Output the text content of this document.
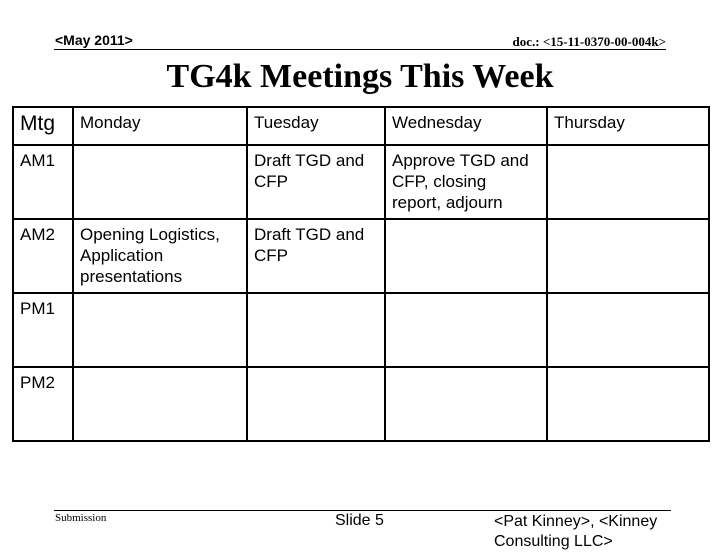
<May 2011>	doc.: <15-11-0370-00-004k>
TG4k Meetings This Week
Mtg	Monday	Tuesday	Wednesday	Thursday
AM1		Draft TGD and CFP	Approve TGD and CFP, closing report, adjourn	
AM2	Opening Logistics, Application presentations	Draft TGD and CFP		
PM1				
PM2				
Submission	Slide 5	<Pat Kinney>, <Kinney Consulting LLC>
